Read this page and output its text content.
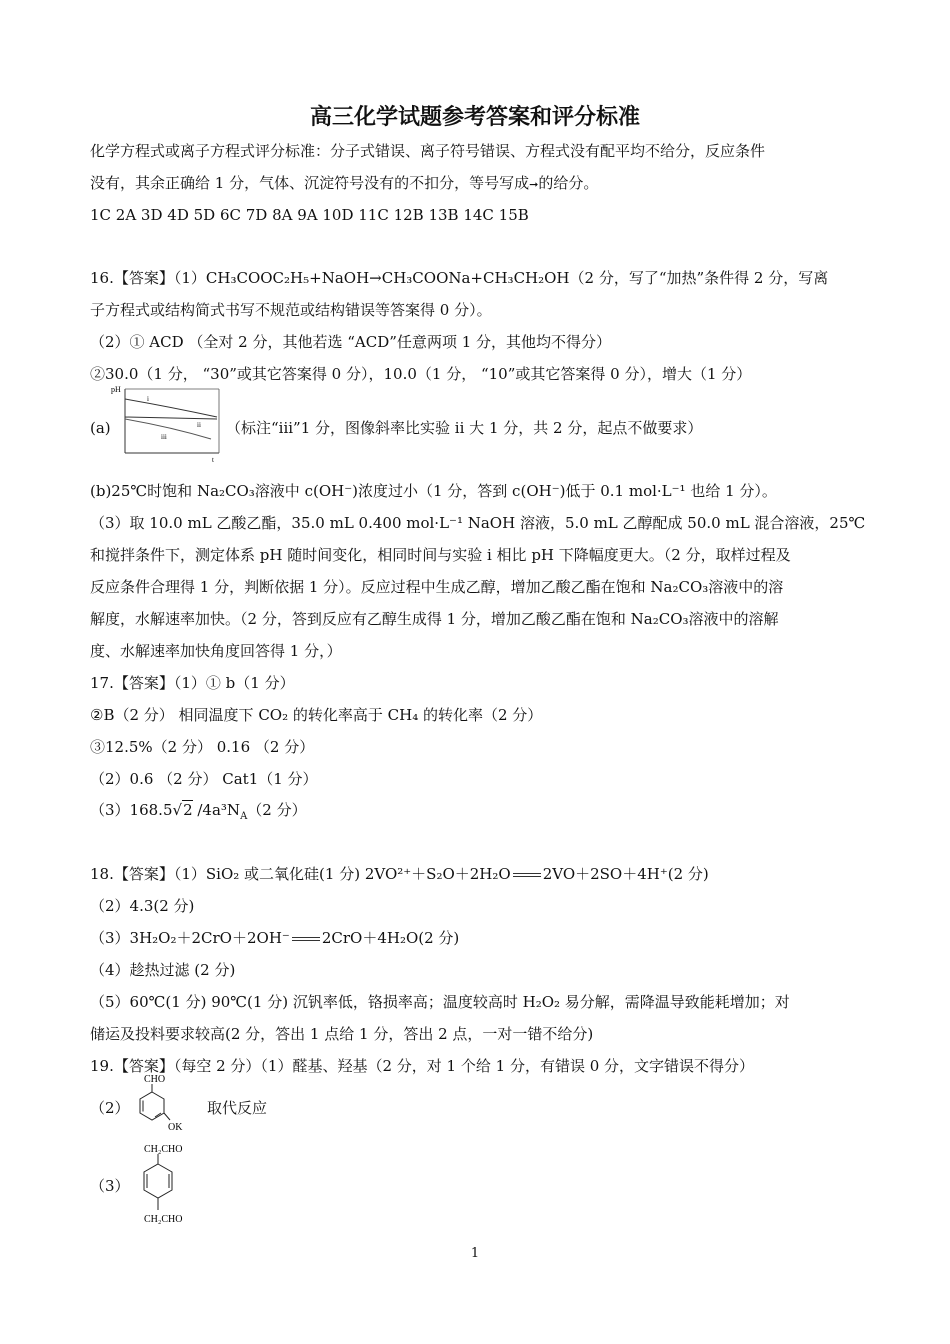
高三化学试题参考答案和评分标准
化学方程式或离子方程式评分标准：分子式错误、离子符号错误、方程式没有配平均不给分，反应条件
没有，其余正确给 1 分，气体、沉淀符号没有的不扣分，等号写成➞的给分。
1C 2A 3D 4D 5D 6C 7D 8A 9A 10D 11C 12B 13B 14C 15B
16.【答案】（1）CH₃COOC₂H₅+NaOH→CH₃COONa+CH₃CH₂OH（2 分，写了“加热”条件得 2 分，写离
子方程式或结构简式书写不规范或结构错误等答案得 0 分）。
（2）① ACD （全对 2 分，其他若选 “ACD”任意两项 1 分，其他均不得分）
②30.0（1 分， “30”或其它答案得 0 分），10.0（1 分， “10”或其它答案得 0 分），增大（1 分）
(a)	（标注“iii”1 分，图像斜率比实验 ii 大 1 分，共 2 分，起点不做要求）
pH
i
ii
iii
t
(b)25℃时饱和 Na₂CO₃溶液中 c(OH⁻)浓度过小（1 分，答到 c(OH⁻)低于 0.1 mol·L⁻¹ 也给 1 分）。
（3）取 10.0 mL 乙酸乙酯，35.0 mL 0.400 mol·L⁻¹ NaOH 溶液，5.0 mL 乙醇配成 50.0 mL 混合溶液，25℃
和搅拌条件下，测定体系 pH 随时间变化，相同时间与实验 i 相比 pH 下降幅度更大。（2 分，取样过程及
反应条件合理得 1 分，判断依据 1 分）。反应过程中生成乙醇，增加乙酸乙酯在饱和 Na₂CO₃溶液中的溶
解度，水解速率加快。（2 分，答到反应有乙醇生成得 1 分，增加乙酸乙酯在饱和 Na₂CO₃溶液中的溶解
度、水解速率加快角度回答得 1 分，）
17.【答案】（1）① b（1 分）
②B（2 分） 相同温度下 CO₂ 的转化率高于 CH₄ 的转化率（2 分）
③12.5%（2 分） 0.16 （2 分）
（2）0.6 （2 分） Cat1（1 分）
（3）168.5√2 $/4a^3N_A(2$ 分）
18.【答案】（1）SiO₂ 或二氧化硅(1 分) 2VO²⁺＋S₂O＋2H₂O 2VO＋2SO＋4H⁺(2 分)
（2）4.3(2 分)
（3）3H₂O₂＋2CrO＋2OH⁻ 2CrO＋4H₂O(2 分)
（4）趁热过滤 (2 分)
（5）60℃(1 分) 90℃(1 分) 沉钒率低，铬损率高；温度较高时 H₂O₂ 易分解，需降温导致能耗增加；对
储运及投料要求较高(2 分，答出 1 点给 1 分，答出 2 点，一对一错不给分)
19.【答案】（每空 2 分）（1）醛基、羟基（2 分，对 1 个给 1 分，有错误 0 分，文字错误不得分）
（2）
CHO
OK
取代反应
（3）
CH₂CHO
CH₂CHO
1
